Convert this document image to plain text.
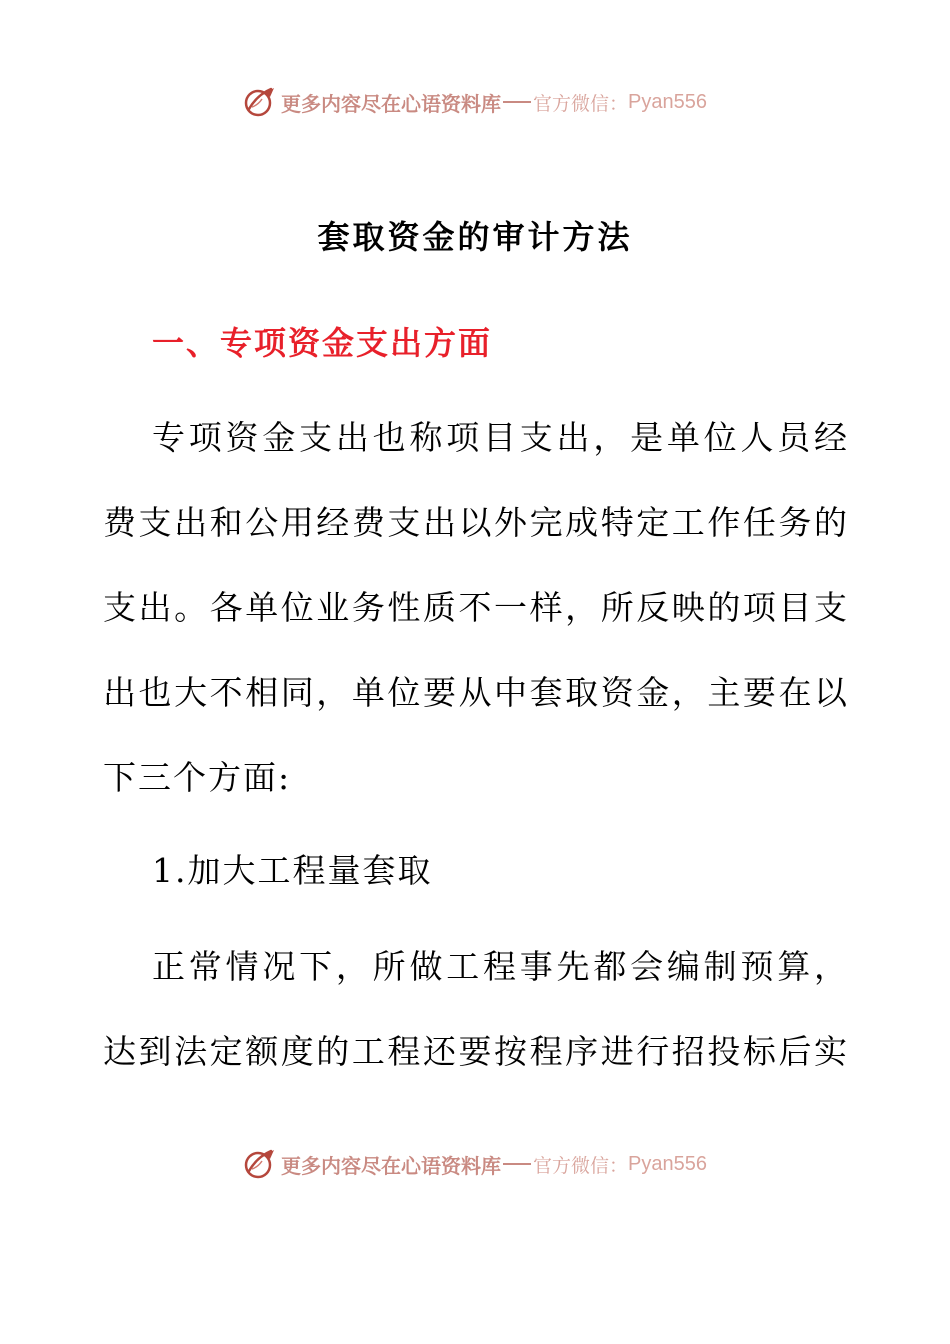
更多内容尽在心语资料库 官方微信： Pyan556
套取资金的审计方法
一、专项资金支出方面

专项资金支出也称项目支出，是单位人员经

费支出和公用经费支出以外完成特定工作任务的

支出。各单位业务性质不一样，所反映的项目支

出也大不相同，单位要从中套取资金，主要在以

下三个方面:

1.加大工程量套取

正常情况下，所做工程事先都会编制预算，

达到法定额度的工程还要按程序进行招投标后实

更多内容尽在心语资料库 官方微信： Pyan556
